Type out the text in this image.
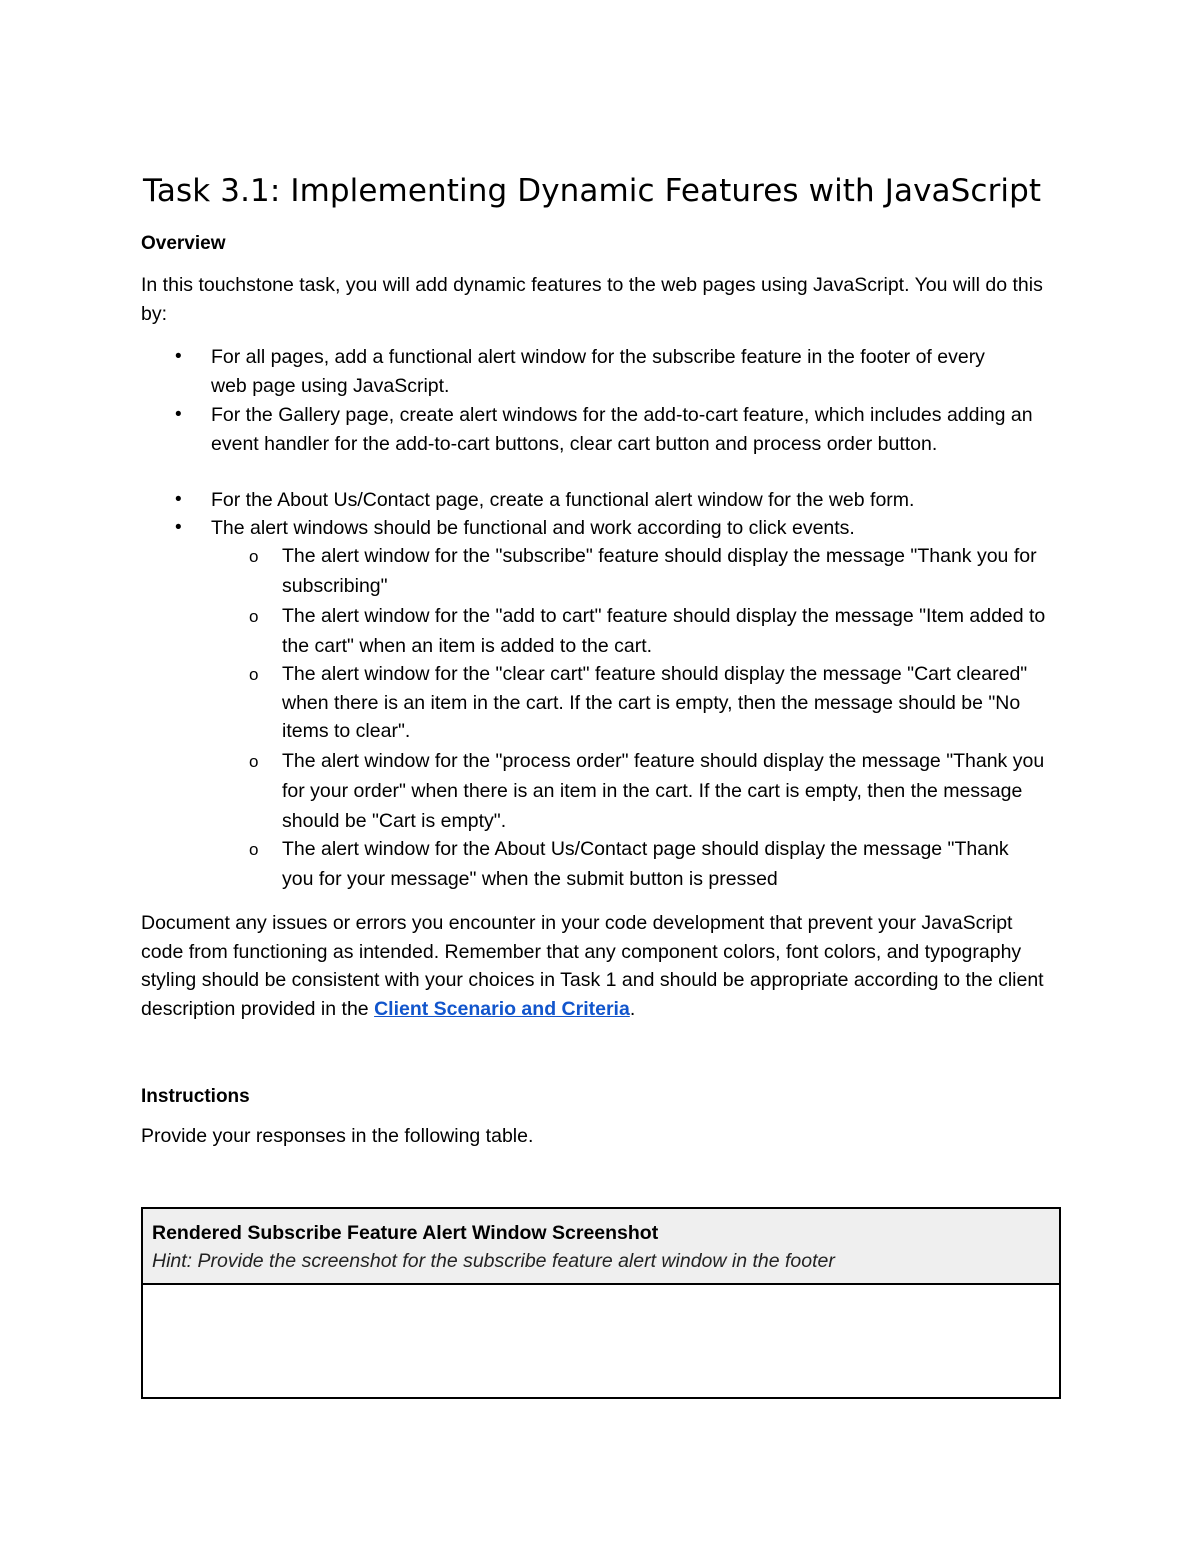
Task 3.1: Implementing Dynamic Features with JavaScript
Overview
In this touchstone task, you will add dynamic features to the web pages using JavaScript. You will do this by:
• For all pages, add a functional alert window for the subscribe feature in the footer of every web page using JavaScript.
• For the Gallery page, create alert windows for the add-to-cart feature, which includes adding an event handler for the add-to-cart buttons, clear cart button and process order button.
• For the About Us/Contact page, create a functional alert window for the web form.
• The alert windows should be functional and work according to click events.
o The alert window for the "subscribe" feature should display the message "Thank you for subscribing"
o The alert window for the "add to cart" feature should display the message "Item added to the cart" when an item is added to the cart.
o The alert window for the "clear cart" feature should display the message "Cart cleared" when there is an item in the cart. If the cart is empty, then the message should be "No items to clear".
o The alert window for the "process order" feature should display the message "Thank you for your order" when there is an item in the cart. If the cart is empty, then the message should be "Cart is empty".
o The alert window for the About Us/Contact page should display the message "Thank you for your message" when the submit button is pressed
Document any issues or errors you encounter in your code development that prevent your JavaScript code from functioning as intended. Remember that any component colors, font colors, and typography styling should be consistent with your choices in Task 1 and should be appropriate according to the client description provided in the Client Scenario and Criteria.
Instructions
Provide your responses in the following table.
Rendered Subscribe Feature Alert Window Screenshot
Hint: Provide the screenshot for the subscribe feature alert window in the footer
